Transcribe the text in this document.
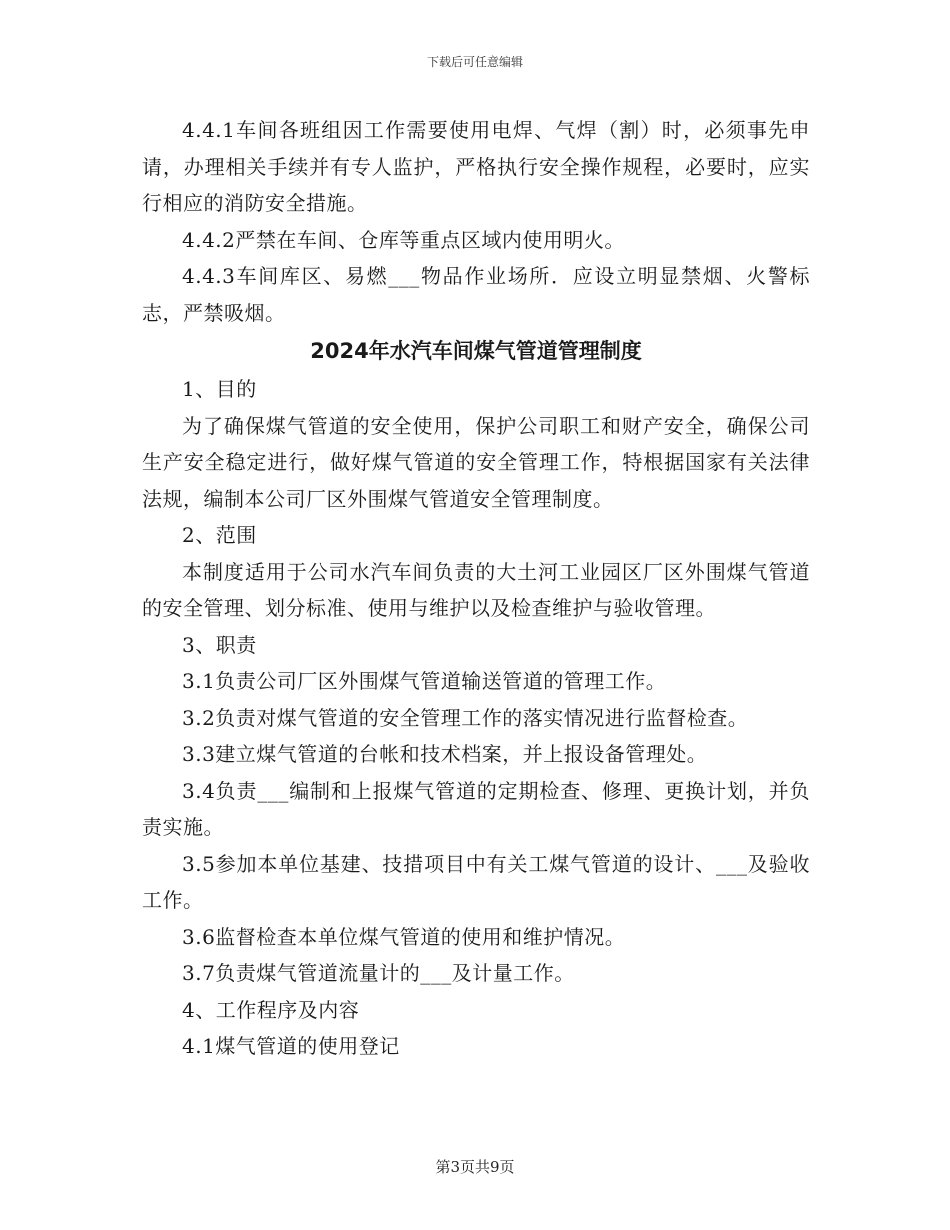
下载后可任意编辑

4.4.1车间各班组因工作需要使用电焊、气焊（割）时，必须事先申请，办理相关手续并有专人监护，严格执行安全操作规程，必要时，应实行相应的消防安全措施。

4.4.2严禁在车间、仓库等重点区域内使用明火。

4.4.3车间库区、易燃___物品作业场所．应设立明显禁烟、火警标志，严禁吸烟。

2024年水汽车间煤气管道管理制度

1、目的

为了确保煤气管道的安全使用，保护公司职工和财产安全，确保公司生产安全稳定进行，做好煤气管道的安全管理工作，特根据国家有关法律法规，编制本公司厂区外围煤气管道安全管理制度。

2、范围

本制度适用于公司水汽车间负责的大土河工业园区厂区外围煤气管道的安全管理、划分标准、使用与维护以及检查维护与验收管理。

3、职责

3.1负责公司厂区外围煤气管道输送管道的管理工作。

3.2负责对煤气管道的安全管理工作的落实情况进行监督检查。

3.3建立煤气管道的台帐和技术档案，并上报设备管理处。

3.4负责___编制和上报煤气管道的定期检查、修理、更换计划，并负责实施。

3.5参加本单位基建、技措项目中有关工煤气管道的设计、___及验收工作。

3.6监督检查本单位煤气管道的使用和维护情况。

3.7负责煤气管道流量计的___及计量工作。

4、工作程序及内容

4.1煤气管道的使用登记

第3页共9页
